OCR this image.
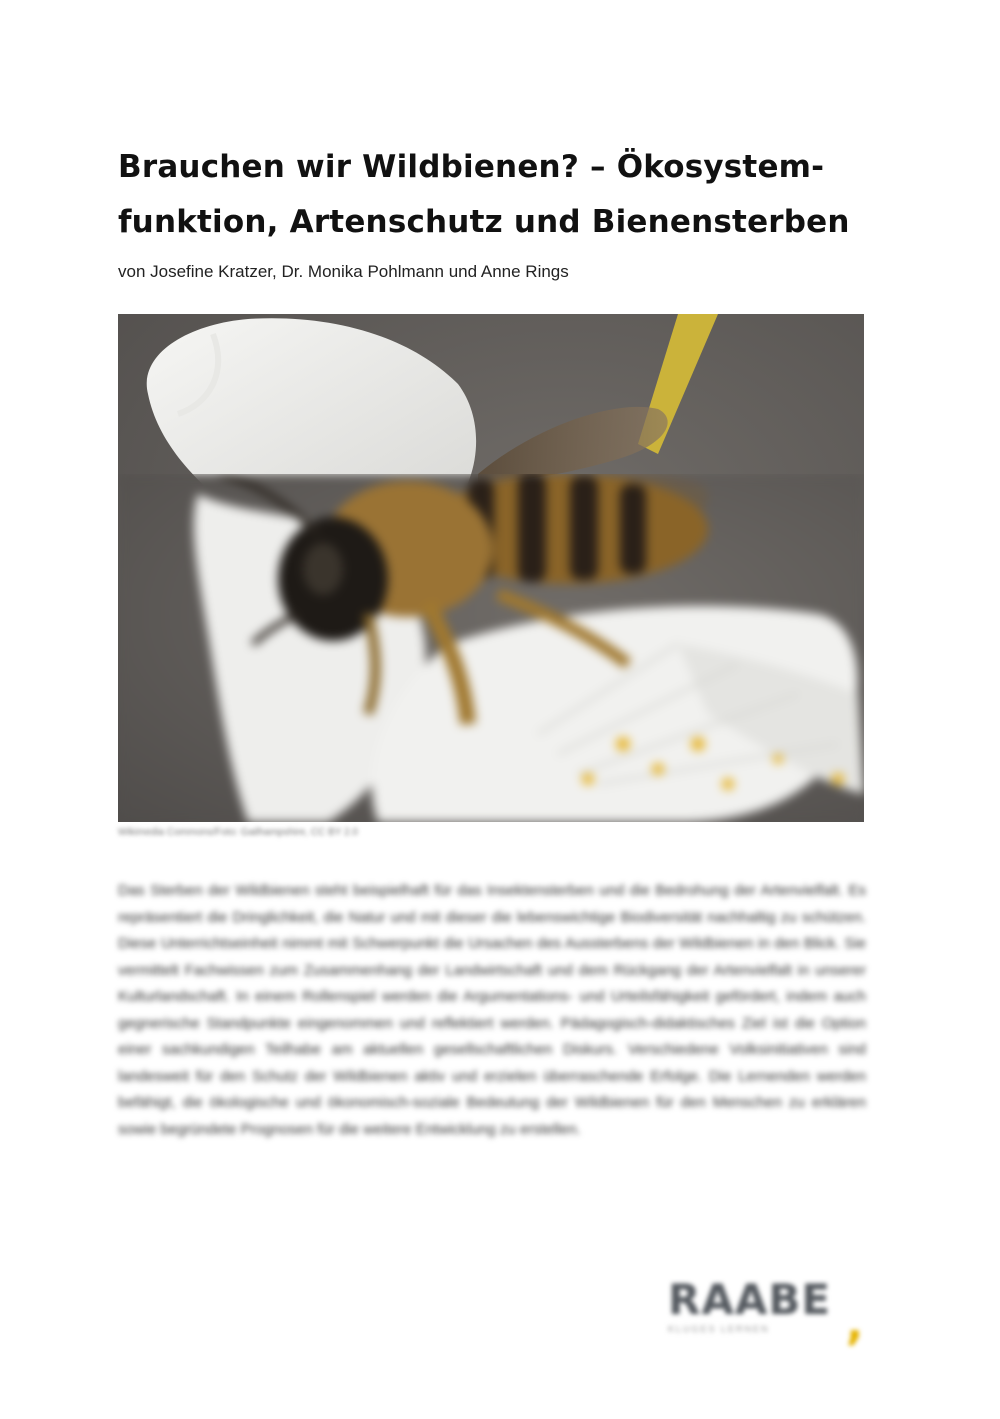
Brauchen wir Wildbienen? – Ökosystem-
funktion, Artenschutz und Bienensterben
von Josefine Kratzer, Dr. Monika Pohlmann und Anne Rings
Wikimedia Commons/Foto: Gailhampshire, CC BY 2.0

Das Sterben der Wildbienen steht beispielhaft für das Insektensterben und die Bedrohung der Artenvielfalt. Es repräsentiert die Dringlichkeit, die Natur und mit dieser die lebenswichtige Biodiversität nachhaltig zu schützen. Diese Unterrichtseinheit nimmt mit Schwerpunkt die Ursachen des Aussterbens der Wildbienen in den Blick. Sie vermittelt Fachwissen zum Zusammenhang der Landwirtschaft und dem Rückgang der Artenvielfalt in unserer Kulturlandschaft. In einem Rollenspiel werden die Argumentations- und Urteilsfähigkeit gefördert, indem auch gegnerische Standpunkte eingenommen und reflektiert werden. Pädagogisch-didaktisches Ziel ist die Option einer sachkundigen Teilhabe am aktuellen gesellschaftlichen Diskurs. Verschiedene Volksinitiativen sind landesweit für den Schutz der Wildbienen aktiv und erzielen überraschende Erfolge. Die Lernenden werden befähigt, die ökologische und ökonomisch-soziale Bedeutung der Wildbienen für den Menschen zu erklären sowie begründete Prognosen für die weitere Entwicklung zu erstellen.

RAABE ,
KLUGES LERNEN
